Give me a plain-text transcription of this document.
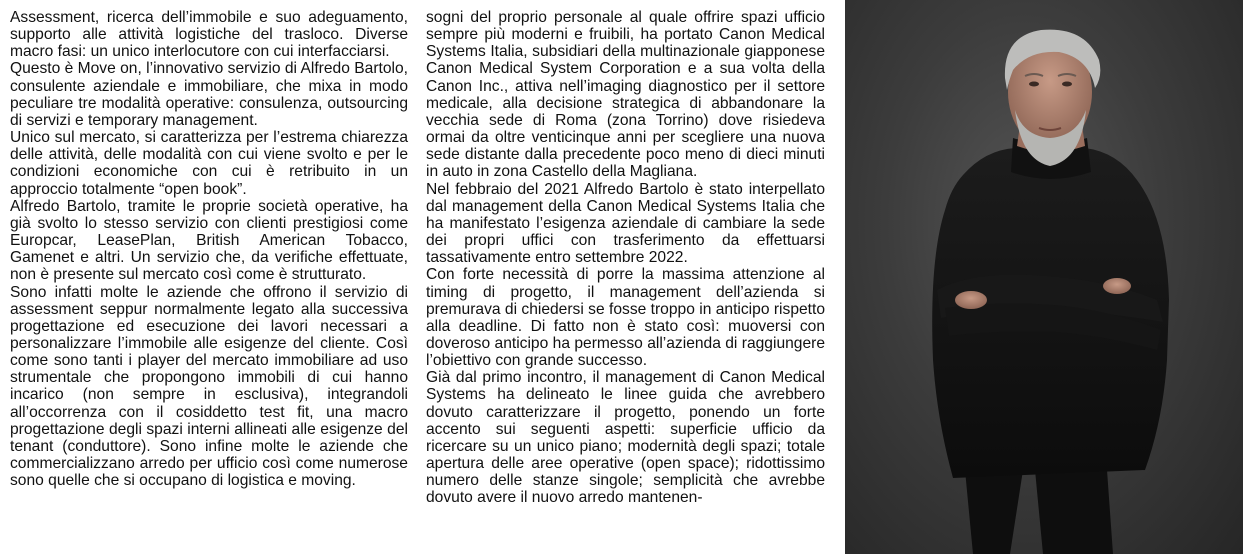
Assessment, ricerca dell’immobile e suo adeguamento, supporto alle attività logistiche del trasloco. Diverse macro fasi: un unico interlocutore con cui interfacciarsi.

Questo è Move on, l’innovativo servizio di Alfredo Bartolo, consulente aziendale e immobiliare, che mixa in modo peculiare tre modalità operative: consulenza, outsourcing di servizi e temporary management.

Unico sul mercato, si caratterizza per l’estrema chiarezza delle attività, delle modalità con cui viene svolto e per le condizioni economiche con cui è retribuito in un approccio totalmente “open book”.

Alfredo Bartolo, tramite le proprie società operative, ha già svolto lo stesso servizio con clienti prestigiosi come Europcar, LeasePlan, British American Tobacco, Gamenet e altri. Un servizio che, da verifiche effettuate, non è presente sul mercato così come è strutturato.

Sono infatti molte le aziende che offrono il servizio di assessment seppur normalmente legato alla successiva progettazione ed esecuzione dei lavori necessari a personalizzare l’immobile alle esigenze del cliente. Così come sono tanti i player del mercato immobiliare ad uso strumentale che propongono immobili di cui hanno incarico (non sempre in esclusiva), integrandoli all’occorrenza con il cosiddetto test fit, una macro progettazione degli spazi interni allineati alle esigenze del tenant (conduttore). Sono infine molte le aziende che commercializzano arredo per ufficio così come numerose sono quelle che si occupano di logistica e moving.

sogni del proprio personale al quale offrire spazi ufficio sempre più moderni e fruibili, ha portato Canon Medical Systems Italia, subsidiari della multinazionale giapponese Canon Medical System Corporation e a sua volta della Canon Inc., attiva nell’imaging diagnostico per il settore medicale, alla decisione strategica di abbandonare la vecchia sede di Roma (zona Torrino) dove risiedeva ormai da oltre venticinque anni per scegliere una nuova sede distante dalla precedente poco meno di dieci minuti in auto in zona Castello della Magliana.

Nel febbraio del 2021 Alfredo Bartolo è stato interpellato dal management della Canon Medical Systems Italia che ha manifestato l’esigenza aziendale di cambiare la sede dei propri uffici con trasferimento da effettuarsi tassativamente entro settembre 2022.

Con forte necessità di porre la massima attenzione al timing di progetto, il management dell’azienda si premurava di chiedersi se fosse troppo in anticipo rispetto alla deadline. Di fatto non è stato così: muoversi con doveroso anticipo ha permesso all’azienda di raggiungere l’obiettivo con grande successo.

Già dal primo incontro, il management di Canon Medical Systems ha delineato le linee guida che avrebbero dovuto caratterizzare il progetto, ponendo un forte accento sui seguenti aspetti: superficie ufficio da ricercare su un unico piano; modernità degli spazi; totale apertura delle aree operative (open space); ridottissimo numero delle stanze singole; semplicità che avrebbe dovuto avere il nuovo arredo mantenen-
